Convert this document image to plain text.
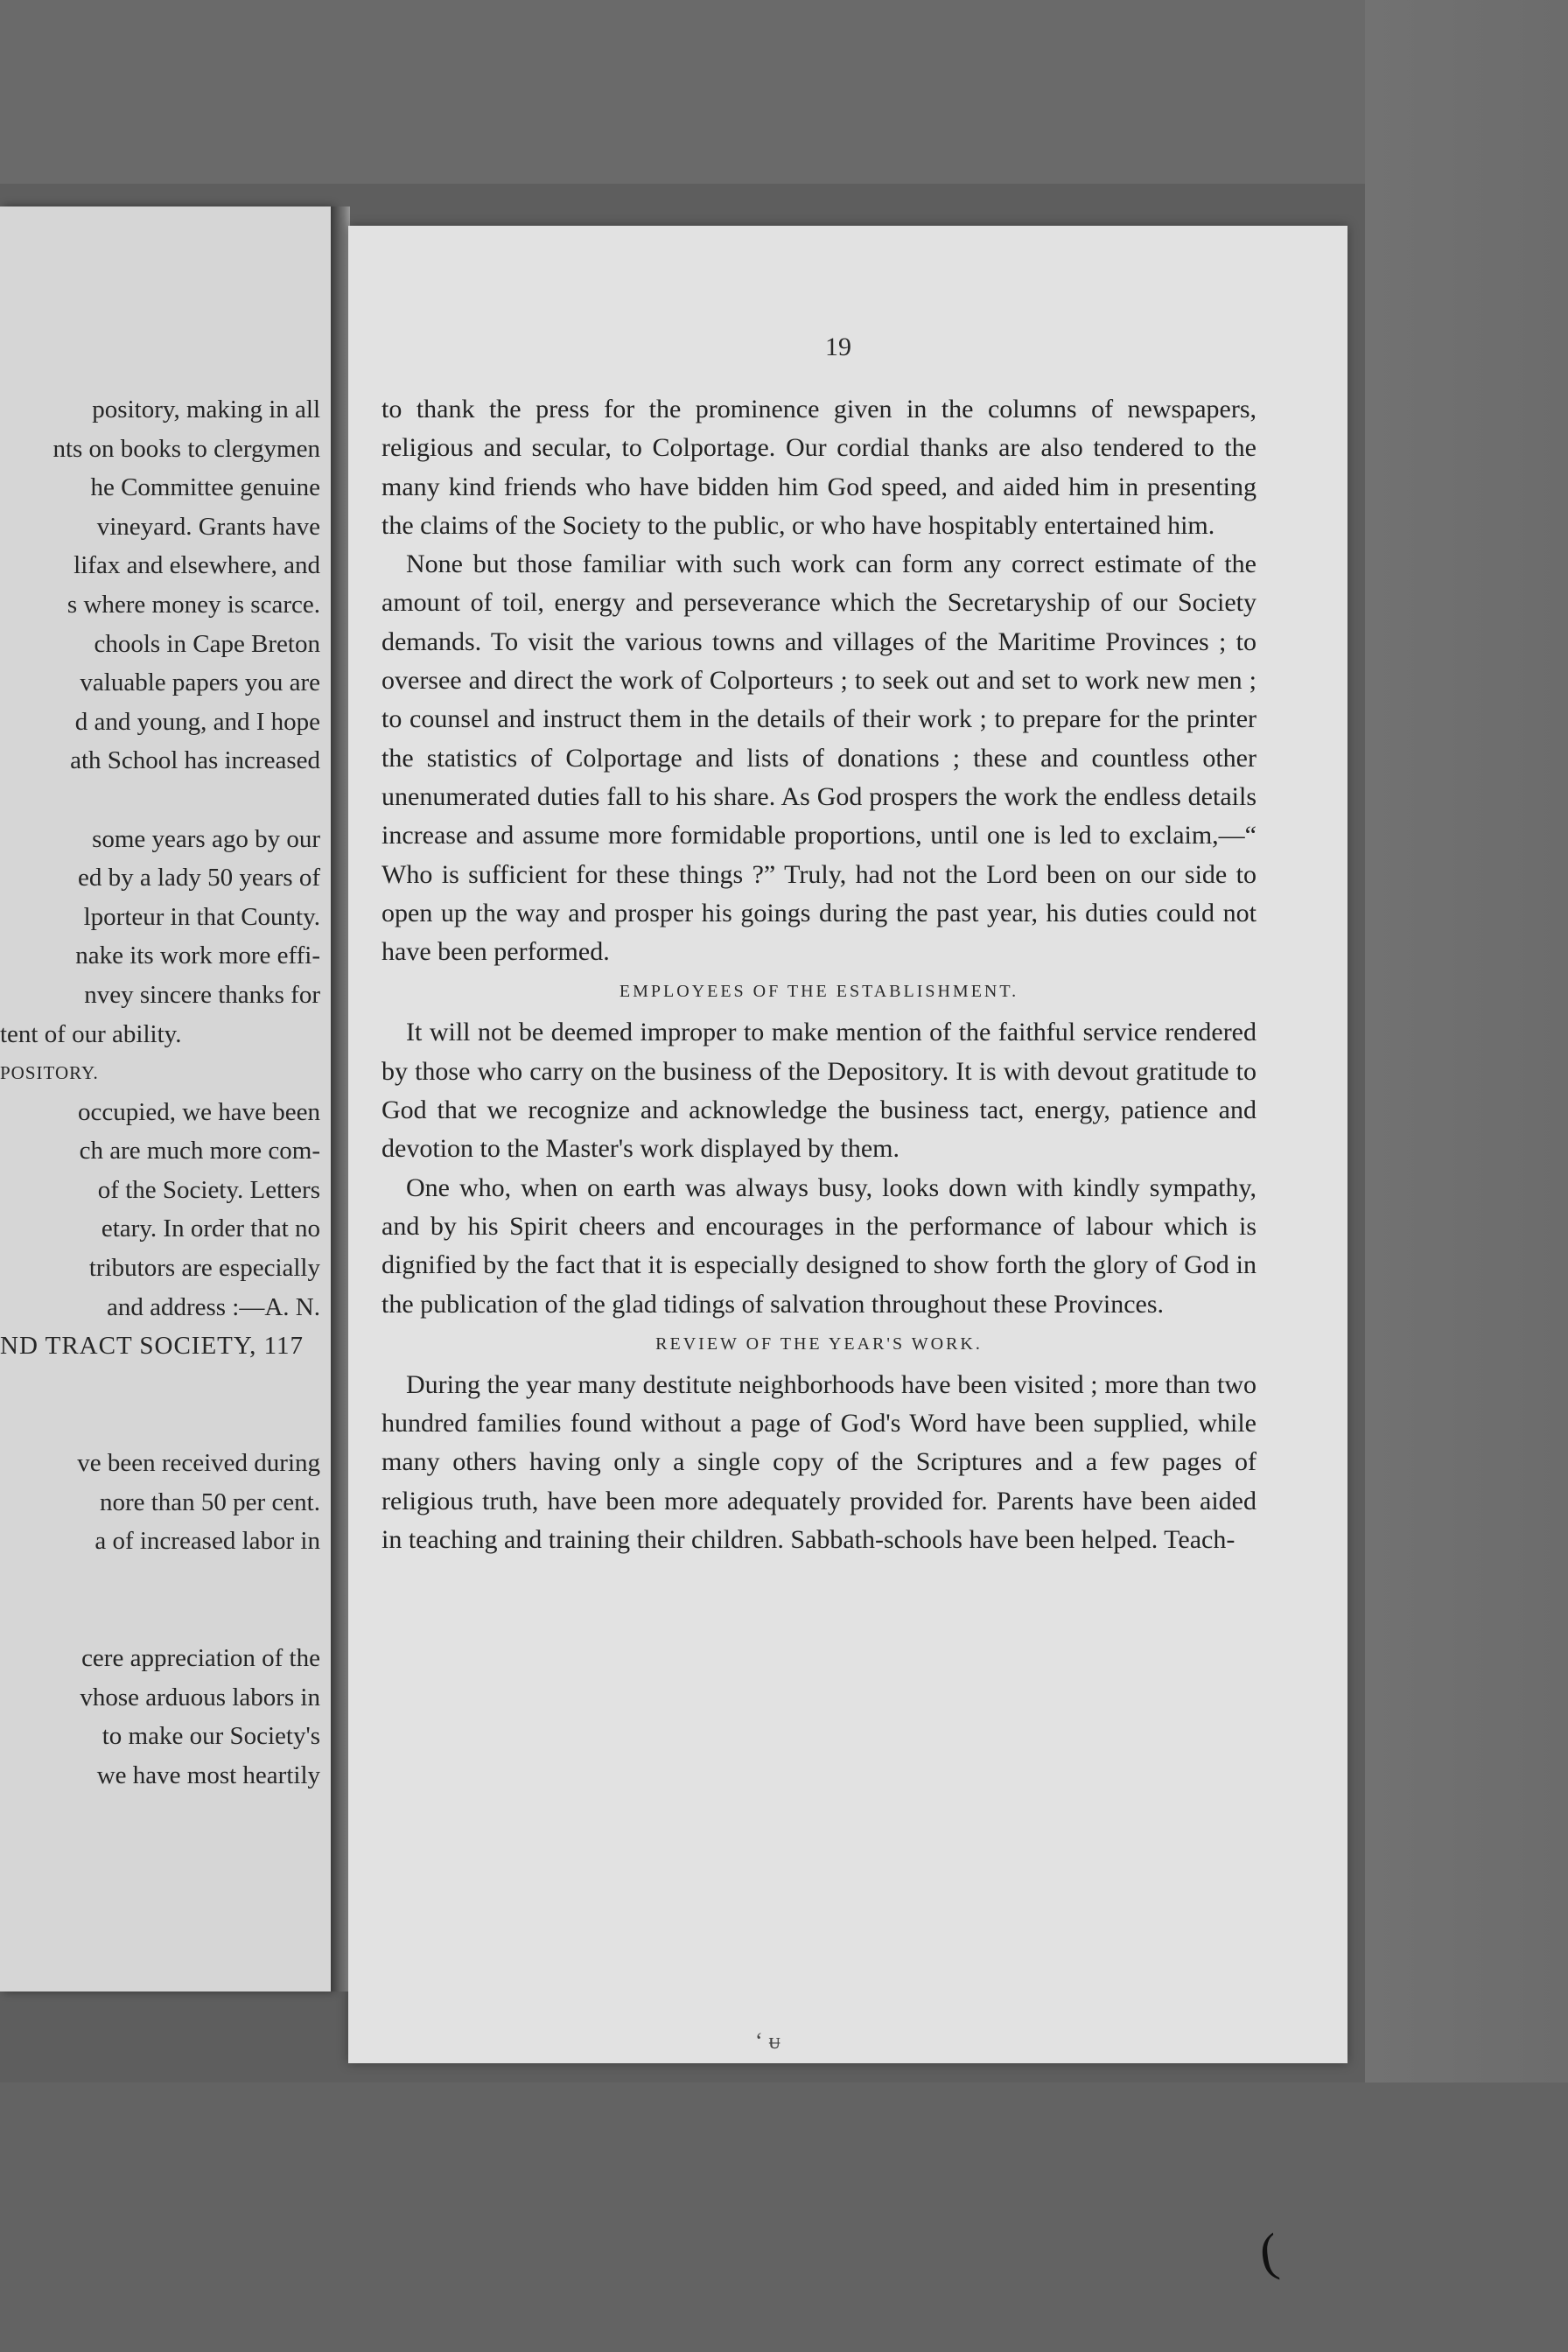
pository, making in all
nts on books to clergymen
he Committee genuine
vineyard. Grants have
lifax and elsewhere, and
s where money is scarce.
chools in Cape Breton
valuable papers you are
d and young, and I hope
ath School has increased

some years ago by our
ed by a lady 50 years of
lporteur in that County.
nake its work more effi-
nvey sincere thanks for
tent of our ability.
POSITORY.
occupied, we have been
ch are much more com-
of the Society. Letters
etary. In order that no
tributors are especially
and address :—A. N.
ND TRACT SOCIETY, 117

ve been received during
nore than 50 per cent.
a of increased labor in

cere appreciation of the
vhose arduous labors in
to make our Society's
we have most heartily
19

to thank the press for the prominence given in the columns of newspapers, religious and secular, to Colportage. Our cordial thanks are also tendered to the many kind friends who have bidden him God speed, and aided him in presenting the claims of the Society to the public, or who have hospitably entertained him.

None but those familiar with such work can form any correct estimate of the amount of toil, energy and perseverance which the Secretaryship of our Society demands. To visit the various towns and villages of the Maritime Provinces ; to oversee and direct the work of Colporteurs ; to seek out and set to work new men ; to counsel and instruct them in the details of their work ; to prepare for the printer the statistics of Colportage and lists of donations ; these and countless other unenumerated duties fall to his share. As God prospers the work the endless details increase and assume more formidable proportions, until one is led to exclaim,—“ Who is sufficient for these things ?” Truly, had not the Lord been on our side to open up the way and prosper his goings during the past year, his duties could not have been performed.

EMPLOYEES OF THE ESTABLISHMENT.

It will not be deemed improper to make mention of the faithful service rendered by those who carry on the business of the Depository. It is with devout gratitude to God that we recognize and acknowledge the business tact, energy, patience and devotion to the Master's work displayed by them.

One who, when on earth was always busy, looks down with kindly sympathy, and by his Spirit cheers and encourages in the performance of labour which is dignified by the fact that it is especially designed to show forth the glory of God in the publication of the glad tidings of salvation throughout these Provinces.

REVIEW OF THE YEAR'S WORK.

During the year many destitute neighborhoods have been visited ; more than two hundred families found without a page of God's Word have been supplied, while many others having only a single copy of the Scriptures and a few pages of religious truth, have been more adequately provided for. Parents have been aided in teaching and training their children. Sabbath-schools have been helped. Teach-

ʻ ᵾ
(
